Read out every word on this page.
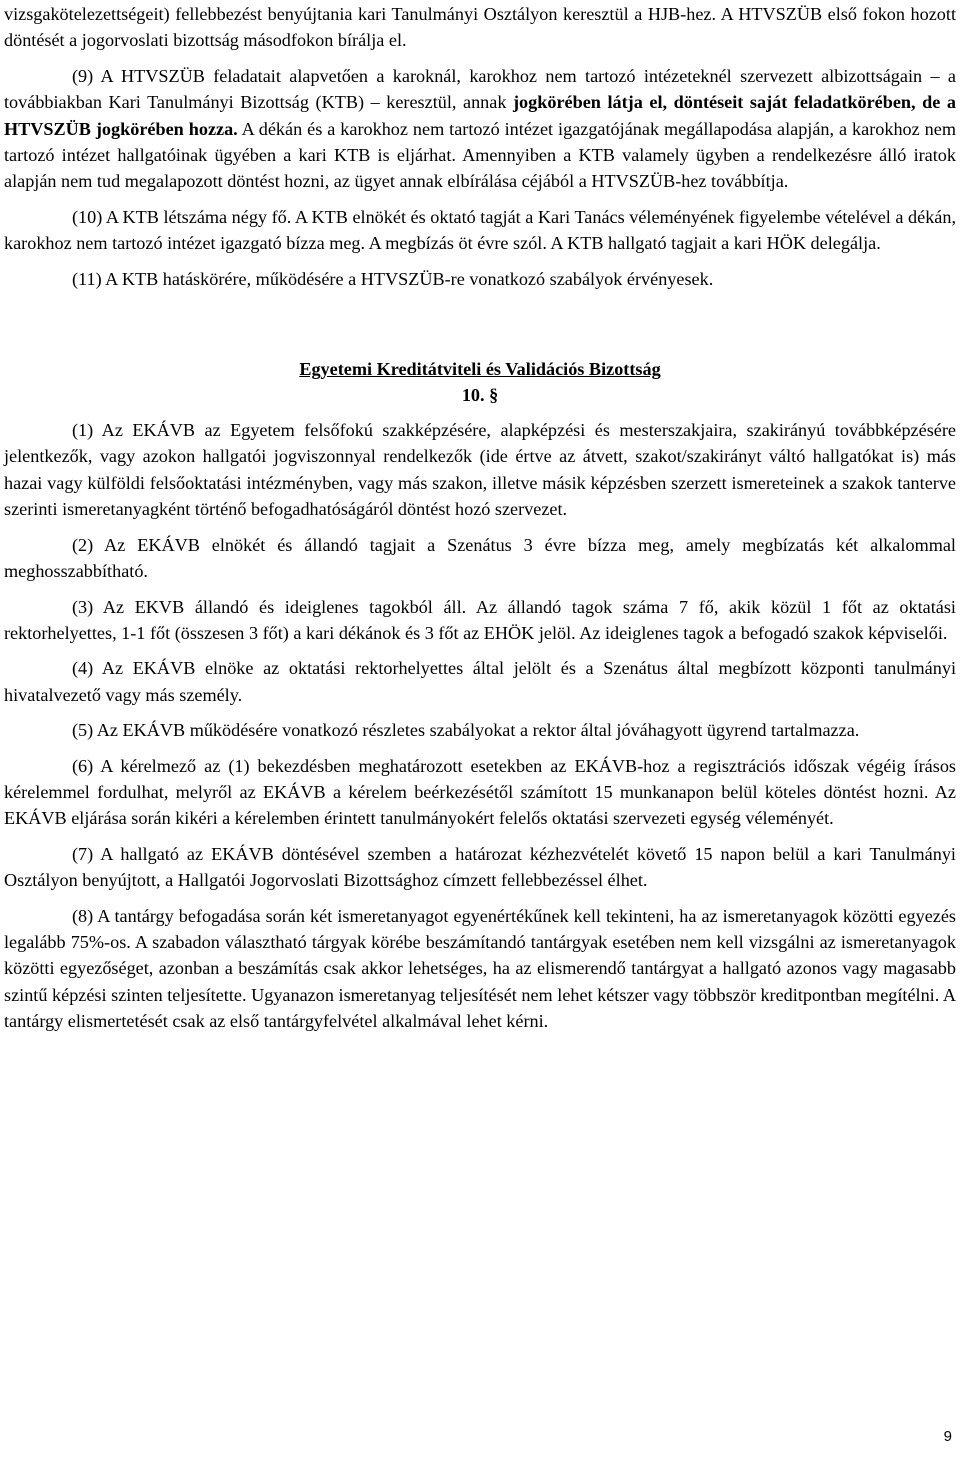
vizsgakötelezettségeit) fellebbezést benyújtania kari Tanulmányi Osztályon keresztül a HJB-hez. A HTVSZÜB első fokon hozott döntését a jogorvoslati bizottság másodfokon bírálja el.

(9) A HTVSZÜB feladatait alapvetően a karoknál, karokhoz nem tartozó intézeteknél szervezett albizottságain – a továbbiakban Kari Tanulmányi Bizottság (KTB) – keresztül, annak jogkörében látja el, döntéseit saját feladatkörében, de a HTVSZÜB jogkörében hozza. A dékán és a karokhoz nem tartozó intézet igazgatójának megállapodása alapján, a karokhoz nem tartozó intézet hallgatóinak ügyében a kari KTB is eljárhat. Amennyiben a KTB valamely ügyben a rendelkezésre álló iratok alapján nem tud megalapozott döntést hozni, az ügyet annak elbírálása céjából a HTVSZÜB-hez továbbítja.

(10) A KTB létszáma négy fő. A KTB elnökét és oktató tagját a Kari Tanács véleményének figyelembe vételével a dékán, karokhoz nem tartozó intézet igazgató bízza meg. A megbízás öt évre szól. A KTB hallgató tagjait a kari HÖK delegálja.

(11) A KTB hatáskörére, működésére a HTVSZÜB-re vonatkozó szabályok érvényesek.

Egyetemi Kreditátviteli és Validációs Bizottság

10. §

(1) Az EKÁVB az Egyetem felsőfokú szakképzésére, alapképzési és mesterszakjaira, szakirányú továbbképzésére jelentkezők, vagy azokon hallgatói jogviszonnyal rendelkezők (ide értve az átvett, szakot/szakirányt váltó hallgatókat is) más hazai vagy külföldi felsőoktatási intézményben, vagy más szakon, illetve másik képzésben szerzett ismereteinek a szakok tanterve szerinti ismeretanyagként történő befogadhatóságáról döntést hozó szervezet.

(2) Az EKÁVB elnökét és állandó tagjait a Szenátus 3 évre bízza meg, amely megbízatás két alkalommal meghosszabbítható.

(3) Az EKVB állandó és ideiglenes tagokból áll. Az állandó tagok száma 7 fő, akik közül 1 főt az oktatási rektorhelyettes, 1-1 főt (összesen 3 főt) a kari dékánok és 3 főt az EHÖK jelöl. Az ideiglenes tagok a befogadó szakok képviselői.

(4) Az EKÁVB elnöke az oktatási rektorhelyettes által jelölt és a Szenátus által megbízott központi tanulmányi hivatalvezető vagy más személy.

(5) Az EKÁVB működésére vonatkozó részletes szabályokat a rektor által jóváhagyott ügyrend tartalmazza.

(6) A kérelmező az (1) bekezdésben meghatározott esetekben az EKÁVB-hoz a regisztrációs időszak végéig írásos kérelemmel fordulhat, melyről az EKÁVB a kérelem beérkezésétől számított 15 munkanapon belül köteles döntést hozni. Az EKÁVB eljárása során kikéri a kérelemben érintett tanulmányokért felelős oktatási szervezeti egység véleményét.

(7) A hallgató az EKÁVB döntésével szemben a határozat kézhezvételét követő 15 napon belül a kari Tanulmányi Osztályon benyújtott, a Hallgatói Jogorvoslati Bizottsághoz címzett fellebbezéssel élhet.

(8) A tantárgy befogadása során két ismeretanyagot egyenértékűnek kell tekinteni, ha az ismeretanyagok közötti egyezés legalább 75%-os. A szabadon választható tárgyak körébe beszámítandó tantárgyak esetében nem kell vizsgálni az ismeretanyagok közötti egyezőséget, azonban a beszámítás csak akkor lehetséges, ha az elismerendő tantárgyat a hallgató azonos vagy magasabb szintű képzési szinten teljesítette. Ugyanazon ismeretanyag teljesítését nem lehet kétszer vagy többször kreditpontban megítélni. A tantárgy elismertetését csak az első tantárgyfelvétel alkalmával lehet kérni.

9
